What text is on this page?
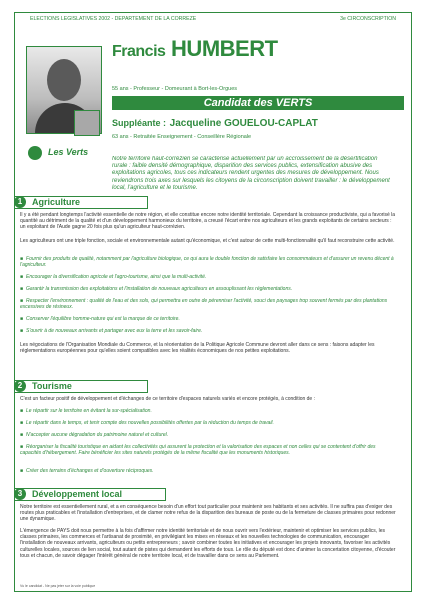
ÉLECTIONS LÉGISLATIVES 2002 - DÉPARTEMENT DE LA CORRÈZE	3e CIRCONSCRIPTION
Les Verts
Francis HUMBERT
55 ans - Professeur - Domeurant à Bort-les-Orgues
Candidat des VERTS
Suppléante : Jacqueline GOUELOU-CAPLAT
63 ans - Retraitée Enseignement - Conseillère Régionale
Notre territoire haut-corrézien se caractérise actuellement par un accroissement de la désertification rurale : faible densité démographique, disparition des services publics, extensification abusive des exploitations agricoles, tous ces indicateurs rendent urgentes des mesures de développement. Nous reviendrons trois axes sur lesquels les citoyens de la circonscription doivent travailler : le développement local, l'agriculture et le tourisme.
1	Agriculture
Il y a été pendant longtemps l'activité essentielle de notre région, et elle constitue encore notre identité territoriale. Cependant la croissance productiviste, qui a favorisé la quantité au détriment de la qualité et d'un développement harmonieux du territoire, a creusé l'écart entre nos agriculteurs et les grands exploitants de certains secteurs : un exploitant de l'Aude gagne 20 fois plus qu'un agriculteur haut-corrézien.
Les agriculteurs ont une triple fonction, sociale et environnementale autant qu'économique, et c'est autour de cette multi-fonctionnalité qu'il faut reconstruire cette activité.
■ Fournir des produits de qualité, notamment par l'agriculture biologique, ce qui aura le double fonction de satisfaire les consommateurs et d'assurer un revenu décent à l'agriculteur.
■ Encourager la diversification agricole et l'agro-tourisme, ainsi que la multi-activité.
■ Garantir la transmission des exploitations et l'installation de nouveaux agriculteurs en assouplissant les réglementations.
■ Respecter l'environnement : qualité de l'eau et des sols, qui permettra en outre de pérenniser l'activité, souci des paysages trop souvent fermés par des plantations excessives de résineux.
■ Conserver l'équilibre homme-nature qui est la marque de ce territoire.
■ S'ouvrir à de nouveaux arrivants et partager avec eux la terre et les savoir-faire.
Les négociations de l'Organisation Mondiale du Commerce, et la réorientation de la Politique Agricole Commune devront aller dans ce sens : faisons adapter les réglementations européennes pour qu'elles soient compatibles avec les réalités économiques de nos petites exploitations.
2	Tourisme
C'est un facteur positif de développement et d'échanges de ce territoire d'espaces naturels variés et encore protégés, à condition de :
■ Le répartir sur le territoire en évitant la sur-spécialisation.
■ Le répartir dans le temps, et tenir compte des nouvelles possibilités offertes par la réduction du temps de travail.
■ N'accepter aucune dégradation du patrimoine naturel et culturel.
■ Réorganiser la fiscalité touristique en aidant les collectivités qui assurent la protection et la valorisation des espaces et non celles qui se contentent d'offrir des capacités d'hébergement. Faire bénéficier les sites naturels protégés de la même fiscalité que les monuments historiques.
■ Créer des terrains d'échanges et d'ouverture réciproques.
3	Développement local
Notre territoire est essentiellement rural, et a en conséquence besoin d'un effort tout particulier pour maintenir ses habitants et ses activités. Il ne suffira pas d'exiger des routes plus praticables et l'installation d'entreprises, et de clamer notre refus de la disparition des bureaux de poste ou de la fermeture de classes primaires pour redonner une dynamique.
L'émergence de PAYS doit nous permettre à la fois d'affirmer notre identité territoriale et de nous ouvrir vers l'extérieur, maintenir et optimiser les services publics, les classes primaires, les commerces et l'artisanat de proximité, en privilégiant les mises en réseaux et les nouvelles technologies de communication, encourager l'installation de nouveaux arrivants, agriculteurs ou petits entrepreneurs ; savoir combiner toutes les initiatives et encourager les projets innovants, favoriser les activités culturelles locales, sources de lien social, tout autant de pistes qui demandent les efforts de tous. Le rôle du député est donc d'animer la concertation citoyenne, d'écouter tous et chacun, de savoir dégager l'intérêt général de notre territoire local, et de travailler dans ce sens au Parlement.
Vu le candidat - Ne pas jeter sur la voie publique
